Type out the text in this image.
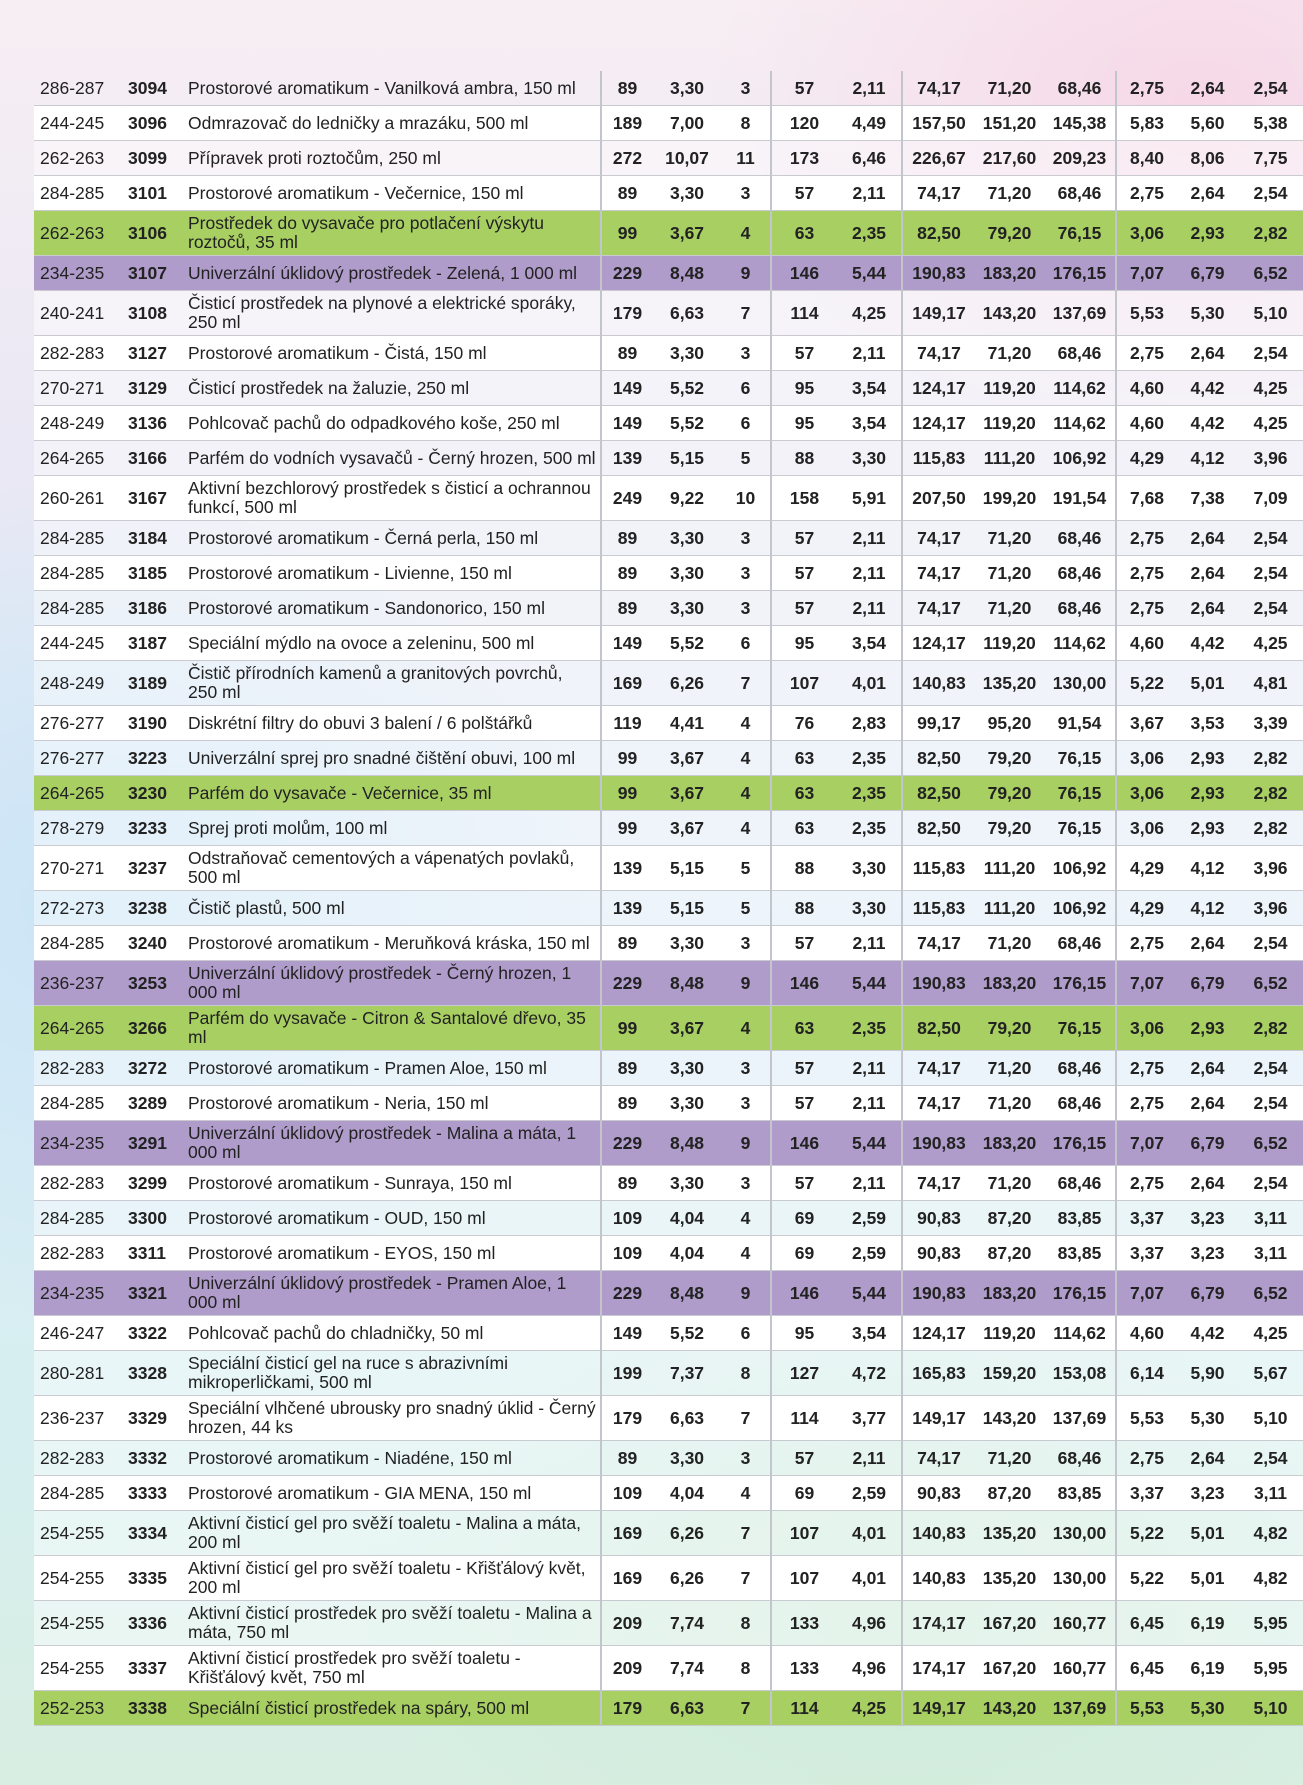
286-287	3094	Prostorové aromatikum - Vanilková ambra, 150 ml	89	3,30	3	57	2,11	74,17	71,20	68,46	2,75	2,64	2,54
244-245	3096	Odmrazovač do ledničky a mrazáku, 500 ml	189	7,00	8	120	4,49	157,50	151,20	145,38	5,83	5,60	5,38
262-263	3099	Přípravek proti roztočům, 250 ml	272	10,07	11	173	6,46	226,67	217,60	209,23	8,40	8,06	7,75
284-285	3101	Prostorové aromatikum - Večernice, 150 ml	89	3,30	3	57	2,11	74,17	71,20	68,46	2,75	2,64	2,54
262-263	3106	Prostředek do vysavače pro potlačení výskytu roztočů, 35 ml	99	3,67	4	63	2,35	82,50	79,20	76,15	3,06	2,93	2,82
234-235	3107	Univerzální úklidový prostředek - Zelená, 1 000 ml	229	8,48	9	146	5,44	190,83	183,20	176,15	7,07	6,79	6,52
240-241	3108	Čisticí prostředek na plynové a elektrické sporáky, 250 ml	179	6,63	7	114	4,25	149,17	143,20	137,69	5,53	5,30	5,10
282-283	3127	Prostorové aromatikum - Čistá, 150 ml	89	3,30	3	57	2,11	74,17	71,20	68,46	2,75	2,64	2,54
270-271	3129	Čisticí prostředek na žaluzie, 250 ml	149	5,52	6	95	3,54	124,17	119,20	114,62	4,60	4,42	4,25
248-249	3136	Pohlcovač pachů do odpadkového koše, 250 ml	149	5,52	6	95	3,54	124,17	119,20	114,62	4,60	4,42	4,25
264-265	3166	Parfém do vodních vysavačů - Černý hrozen, 500 ml	139	5,15	5	88	3,30	115,83	111,20	106,92	4,29	4,12	3,96
260-261	3167	Aktivní bezchlorový prostředek s čisticí a ochrannou funkcí, 500 ml	249	9,22	10	158	5,91	207,50	199,20	191,54	7,68	7,38	7,09
284-285	3184	Prostorové aromatikum - Černá perla, 150 ml	89	3,30	3	57	2,11	74,17	71,20	68,46	2,75	2,64	2,54
284-285	3185	Prostorové aromatikum - Livienne, 150 ml	89	3,30	3	57	2,11	74,17	71,20	68,46	2,75	2,64	2,54
284-285	3186	Prostorové aromatikum - Sandonorico, 150 ml	89	3,30	3	57	2,11	74,17	71,20	68,46	2,75	2,64	2,54
244-245	3187	Speciální mýdlo na ovoce a zeleninu, 500 ml	149	5,52	6	95	3,54	124,17	119,20	114,62	4,60	4,42	4,25
248-249	3189	Čistič přírodních kamenů a granitových povrchů, 250 ml	169	6,26	7	107	4,01	140,83	135,20	130,00	5,22	5,01	4,81
276-277	3190	Diskrétní filtry do obuvi 3 balení / 6 polštářků	119	4,41	4	76	2,83	99,17	95,20	91,54	3,67	3,53	3,39
276-277	3223	Univerzální sprej pro snadné čištění obuvi, 100 ml	99	3,67	4	63	2,35	82,50	79,20	76,15	3,06	2,93	2,82
264-265	3230	Parfém do vysavače - Večernice, 35 ml	99	3,67	4	63	2,35	82,50	79,20	76,15	3,06	2,93	2,82
278-279	3233	Sprej proti molům, 100 ml	99	3,67	4	63	2,35	82,50	79,20	76,15	3,06	2,93	2,82
270-271	3237	Odstraňovač cementových a vápenatých povlaků, 500 ml	139	5,15	5	88	3,30	115,83	111,20	106,92	4,29	4,12	3,96
272-273	3238	Čistič plastů, 500 ml	139	5,15	5	88	3,30	115,83	111,20	106,92	4,29	4,12	3,96
284-285	3240	Prostorové aromatikum - Meruňková kráska, 150 ml	89	3,30	3	57	2,11	74,17	71,20	68,46	2,75	2,64	2,54
236-237	3253	Univerzální úklidový prostředek - Černý hrozen, 1 000 ml	229	8,48	9	146	5,44	190,83	183,20	176,15	7,07	6,79	6,52
264-265	3266	Parfém do vysavače - Citron & Santalové dřevo, 35 ml	99	3,67	4	63	2,35	82,50	79,20	76,15	3,06	2,93	2,82
282-283	3272	Prostorové aromatikum - Pramen Aloe, 150 ml	89	3,30	3	57	2,11	74,17	71,20	68,46	2,75	2,64	2,54
284-285	3289	Prostorové aromatikum - Neria, 150 ml	89	3,30	3	57	2,11	74,17	71,20	68,46	2,75	2,64	2,54
234-235	3291	Univerzální úklidový prostředek - Malina a máta, 1 000 ml	229	8,48	9	146	5,44	190,83	183,20	176,15	7,07	6,79	6,52
282-283	3299	Prostorové aromatikum - Sunraya, 150 ml	89	3,30	3	57	2,11	74,17	71,20	68,46	2,75	2,64	2,54
284-285	3300	Prostorové aromatikum - OUD, 150 ml	109	4,04	4	69	2,59	90,83	87,20	83,85	3,37	3,23	3,11
282-283	3311	Prostorové aromatikum - EYOS, 150 ml	109	4,04	4	69	2,59	90,83	87,20	83,85	3,37	3,23	3,11
234-235	3321	Univerzální úklidový prostředek - Pramen Aloe, 1 000 ml	229	8,48	9	146	5,44	190,83	183,20	176,15	7,07	6,79	6,52
246-247	3322	Pohlcovač pachů do chladničky, 50 ml	149	5,52	6	95	3,54	124,17	119,20	114,62	4,60	4,42	4,25
280-281	3328	Speciální čisticí gel na ruce s abrazivními mikroperličkami, 500 ml	199	7,37	8	127	4,72	165,83	159,20	153,08	6,14	5,90	5,67
236-237	3329	Speciální vlhčené ubrousky pro snadný úklid - Černý hrozen, 44 ks	179	6,63	7	114	3,77	149,17	143,20	137,69	5,53	5,30	5,10
282-283	3332	Prostorové aromatikum - Niadéne, 150 ml	89	3,30	3	57	2,11	74,17	71,20	68,46	2,75	2,64	2,54
284-285	3333	Prostorové aromatikum - GIA MENA, 150 ml	109	4,04	4	69	2,59	90,83	87,20	83,85	3,37	3,23	3,11
254-255	3334	Aktivní čisticí gel pro svěží toaletu - Malina a máta, 200 ml	169	6,26	7	107	4,01	140,83	135,20	130,00	5,22	5,01	4,82
254-255	3335	Aktivní čisticí gel pro svěží toaletu - Křišťálový květ, 200 ml	169	6,26	7	107	4,01	140,83	135,20	130,00	5,22	5,01	4,82
254-255	3336	Aktivní čisticí prostředek pro svěží toaletu - Malina a máta, 750 ml	209	7,74	8	133	4,96	174,17	167,20	160,77	6,45	6,19	5,95
254-255	3337	Aktivní čisticí prostředek pro svěží toaletu - Křišťálový květ, 750 ml	209	7,74	8	133	4,96	174,17	167,20	160,77	6,45	6,19	5,95
252-253	3338	Speciální čisticí prostředek na spáry, 500 ml	179	6,63	7	114	4,25	149,17	143,20	137,69	5,53	5,30	5,10
